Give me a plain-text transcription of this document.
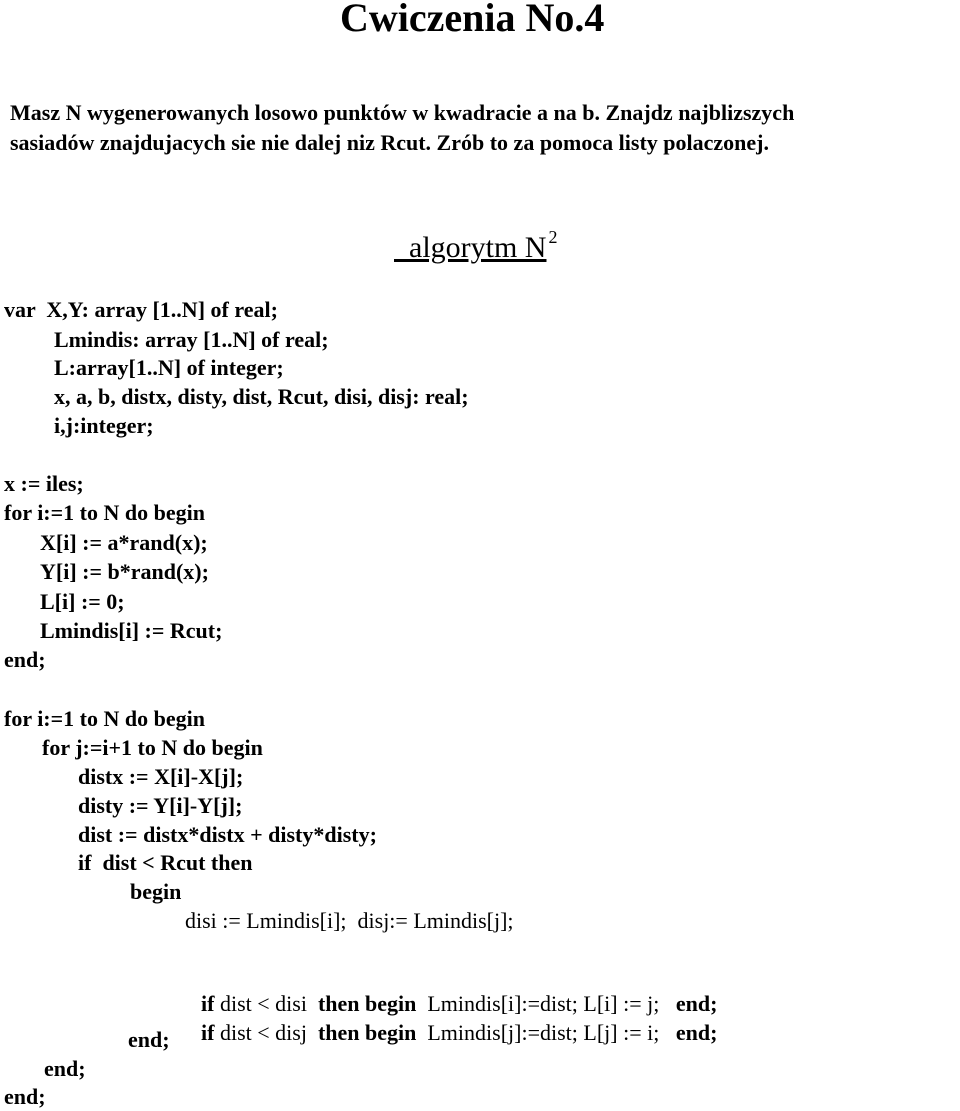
Cwiczenia No.4
Masz N wygenerowanych losowo punktów w kwadracie a na b. Znajdz najblizszych
sasiadów znajdujacych sie nie dalej niz Rcut. Zrób to za pomoca listy polaczonej.

algorytm N $^2$

var  X,Y: array [1..N] of real;
Lmindis: array [1..N] of real;
L:array[1..N] of integer;
x, a, b, distx, disty, dist, Rcut, disi, disj: real;
i,j:integer;
x := iles;
for i:=1 to N do begin
X[i] := a*rand(x);
Y[i] := b*rand(x);
L[i] := 0;
Lmindis[i] := Rcut;
end;
for i:=1 to N do begin
for j:=i+1 to N do begin
distx := X[i]-X[j];
disty := Y[i]-Y[j];
dist := distx*distx + disty*disty;
if  dist < Rcut then
begin
disi := Lmindis[i];  disj:= Lmindis[j];

if dist < disi  then begin  Lmindis[i]:=dist; L[i] := j;   end;

if dist < disj  then begin  Lmindis[j]:=dist; L[j] := i;   end;

end;
end;
end;
